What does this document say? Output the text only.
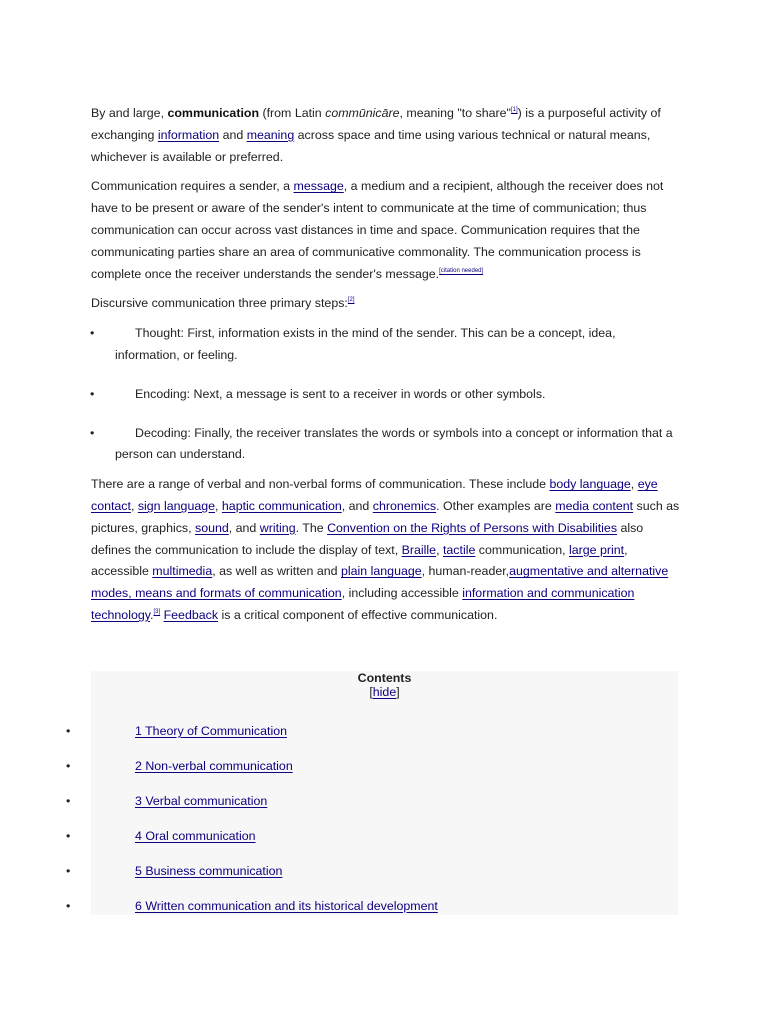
By and large, communication (from Latin commūnicāre, meaning "to share"[1]) is a purposeful activity of exchanging information and meaning across space and time using various technical or natural means, whichever is available or preferred.

Communication requires a sender, a message, a medium and a recipient, although the receiver does not have to be present or aware of the sender's intent to communicate at the time of communication; thus communication can occur across vast distances in time and space. Communication requires that the communicating parties share an area of communicative commonality. The communication process is complete once the receiver understands the sender's message.[citation needed]

Discursive communication three primary steps:[2]

•	Thought: First, information exists in the mind of the sender. This can be a concept, idea, information, or feeling.
•	Encoding: Next, a message is sent to a receiver in words or other symbols.
•	Decoding: Finally, the receiver translates the words or symbols into a concept or information that a person can understand.

There are a range of verbal and non-verbal forms of communication. These include body language, eye contact, sign language, haptic communication, and chronemics. Other examples are media content such as pictures, graphics, sound, and writing. The Convention on the Rights of Persons with Disabilities also defines the communication to include the display of text, Braille, tactile communication, large print, accessible multimedia, as well as written and plain language, human-reader,augmentative and alternative modes, means and formats of communication, including accessible information and communication technology.[3] Feedback is a critical component of effective communication.

Contents
[hide]
•	1 Theory of Communication
•	2 Non-verbal communication
•	3 Verbal communication
•	4 Oral communication
•	5 Business communication
•	6 Written communication and its historical development
